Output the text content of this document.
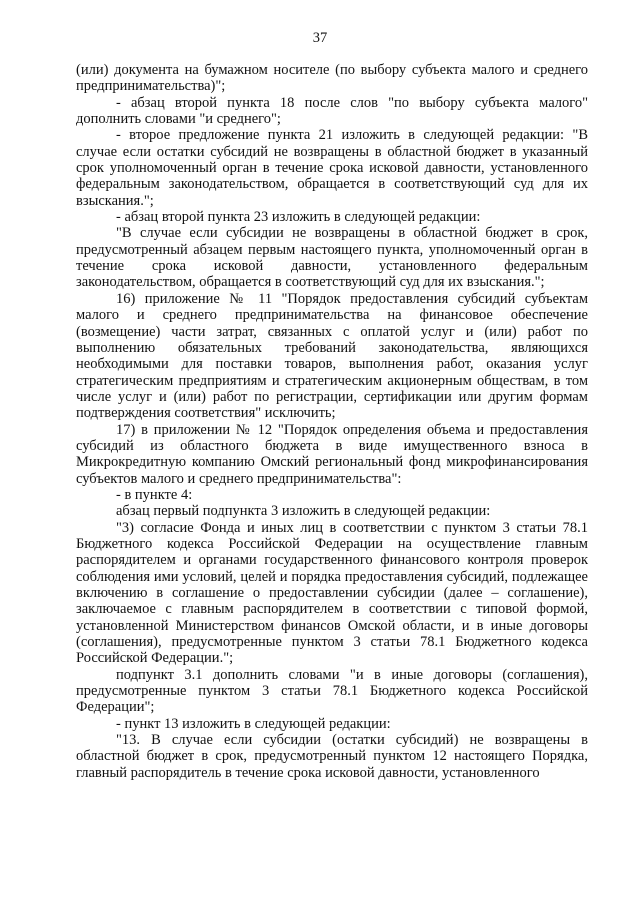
37

(или) документа на бумажном носителе (по выбору субъекта малого и среднего предпринимательства)";

- абзац второй пункта 18 после слов "по выбору субъекта малого" дополнить словами "и среднего";

- второе предложение пункта 21 изложить в следующей редакции: "В случае если остатки субсидий не возвращены в областной бюджет в указанный срок уполномоченный орган в течение срока исковой давности, установленного федеральным законодательством, обращается в соответствующий суд для их взыскания.";

- абзац второй пункта 23 изложить в следующей редакции:

"В случае если субсидии не возвращены в областной бюджет в срок, предусмотренный абзацем первым настоящего пункта, уполномоченный орган в течение срока исковой давности, установленного федеральным законодательством, обращается в соответствующий суд для их взыскания.";

16) приложение № 11 "Порядок предоставления субсидий субъектам малого и среднего предпринимательства на финансовое обеспечение (возмещение) части затрат, связанных с оплатой услуг и (или) работ по выполнению обязательных требований законодательства, являющихся необходимыми для поставки товаров, выполнения работ, оказания услуг стратегическим предприятиям и стратегическим акционерным обществам, в том числе услуг и (или) работ по регистрации, сертификации или другим формам подтверждения соответствия" исключить;

17) в приложении № 12 "Порядок определения объема и предоставления субсидий из областного бюджета в виде имущественного взноса в Микрокредитную компанию Омский региональный фонд микрофинансирования субъектов малого и среднего предпринимательства":

- в пункте 4:

абзац первый подпункта 3 изложить в следующей редакции:

"3) согласие Фонда и иных лиц в соответствии с пунктом 3 статьи 78.1 Бюджетного кодекса Российской Федерации на осуществление главным распорядителем и органами государственного финансового контроля проверок соблюдения ими условий, целей и порядка предоставления субсидий, подлежащее включению в соглашение о предоставлении субсидии (далее – соглашение), заключаемое с главным распорядителем в соответствии с типовой формой, установленной Министерством финансов Омской области, и в иные договоры (соглашения), предусмотренные пунктом 3 статьи 78.1 Бюджетного кодекса Российской Федерации.";

подпункт 3.1 дополнить словами "и в иные договоры (соглашения), предусмотренные пунктом 3 статьи 78.1 Бюджетного кодекса Российской Федерации";

- пункт 13 изложить в следующей редакции:

"13. В случае если субсидии (остатки субсидий) не возвращены в областной бюджет в срок, предусмотренный пунктом 12 настоящего Порядка, главный распорядитель в течение срока исковой давности, установленного
